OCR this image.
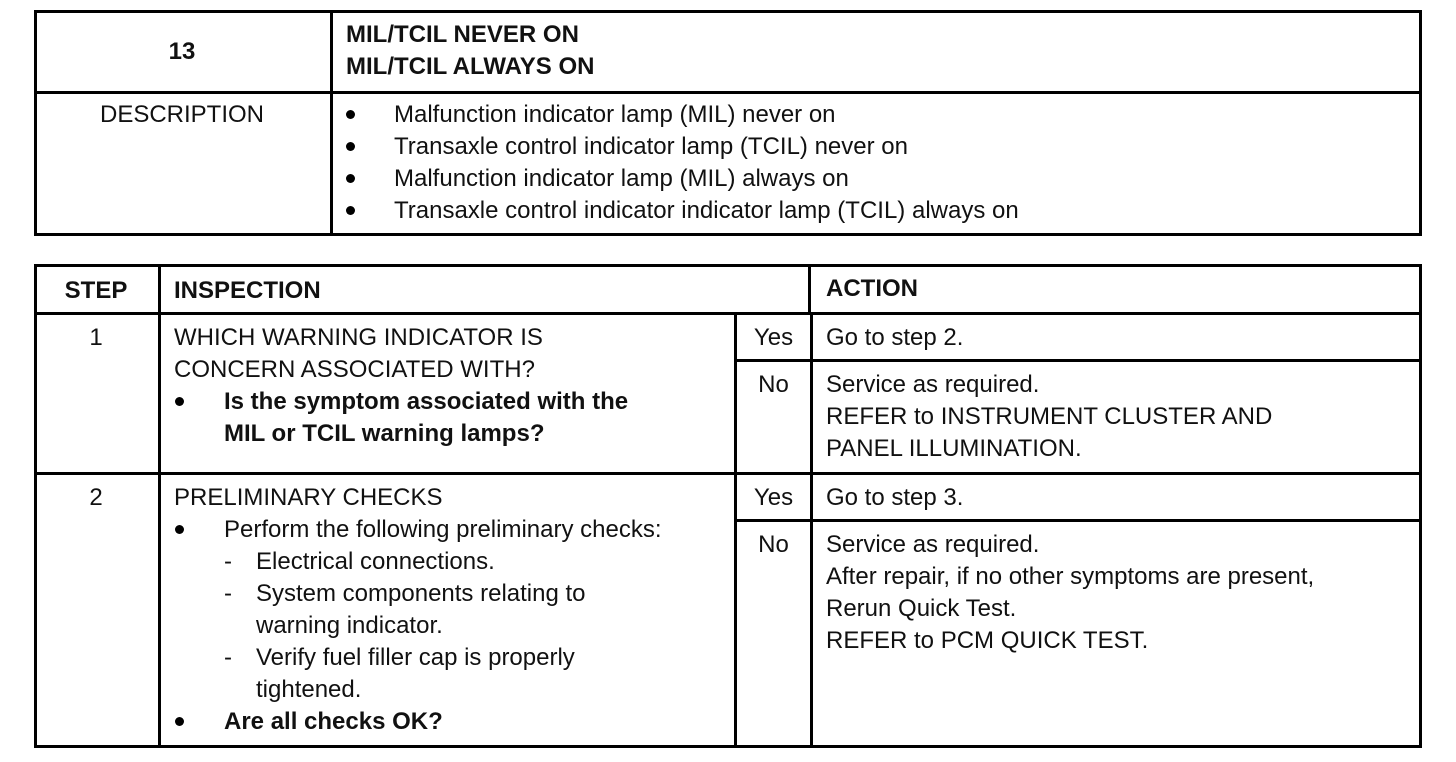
13
MIL/TCIL NEVER ON
MIL/TCIL ALWAYS ON
DESCRIPTION	Malfunction indicator lamp (MIL) never on
Transaxle control indicator lamp (TCIL) never on
Malfunction indicator lamp (MIL) always on
Transaxle control indicator indicator lamp (TCIL) always on
STEP	INSPECTION	ACTION
1	WHICH WARNING INDICATOR IS
CONCERN ASSOCIATED WITH?
Is the symptom associated with the
MIL or TCIL warning lamps?
Yes	Go to step 2.
No	Service as required.
REFER to INSTRUMENT CLUSTER AND
PANEL ILLUMINATION.
2	PRELIMINARY CHECKS
Perform the following preliminary checks:
- Electrical connections.
- System components relating to
warning indicator.
- Verify fuel filler cap is properly
tightened.
Are all checks OK?
Yes	Go to step 3.
No	Service as required.
After repair, if no other symptoms are present,
Rerun Quick Test.
REFER to PCM QUICK TEST.
